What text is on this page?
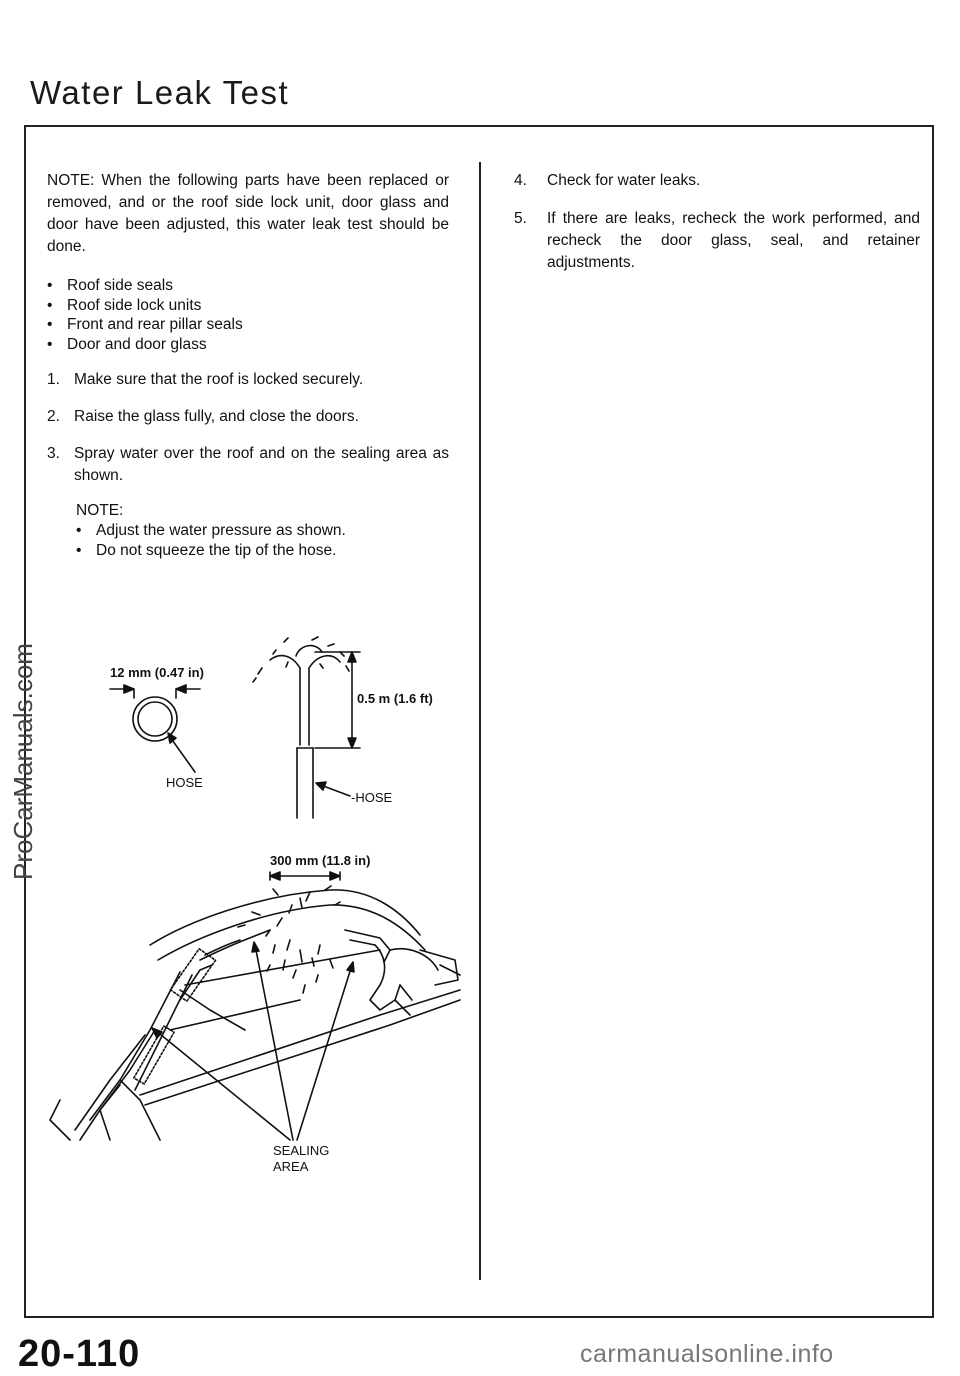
Water Leak Test

NOTE: When the following parts have been replaced or removed, and or the roof side lock unit, door glass and door have been adjusted, this water leak test should be done.

• Roof side seals
• Roof side lock units
• Front and rear pillar seals
• Door and door glass
1. Make sure that the roof is locked securely.
2. Raise the glass fully, and close the doors.
3. Spray water over the roof and on the sealing area as shown.
NOTE:
• Adjust the water pressure as shown.
• Do not squeeze the tip of the hose.
4. Check for water leaks.
5. If there are leaks, recheck the work performed, and recheck the door glass, seal, and retainer adjustments.
12 mm (0.47 in)
HOSE
0.5 m (1.6 ft)
-HOSE
300 mm (11.8 in)
SEALING
AREA
ProCarManuals.com
20-110	carmanualsonline.info
